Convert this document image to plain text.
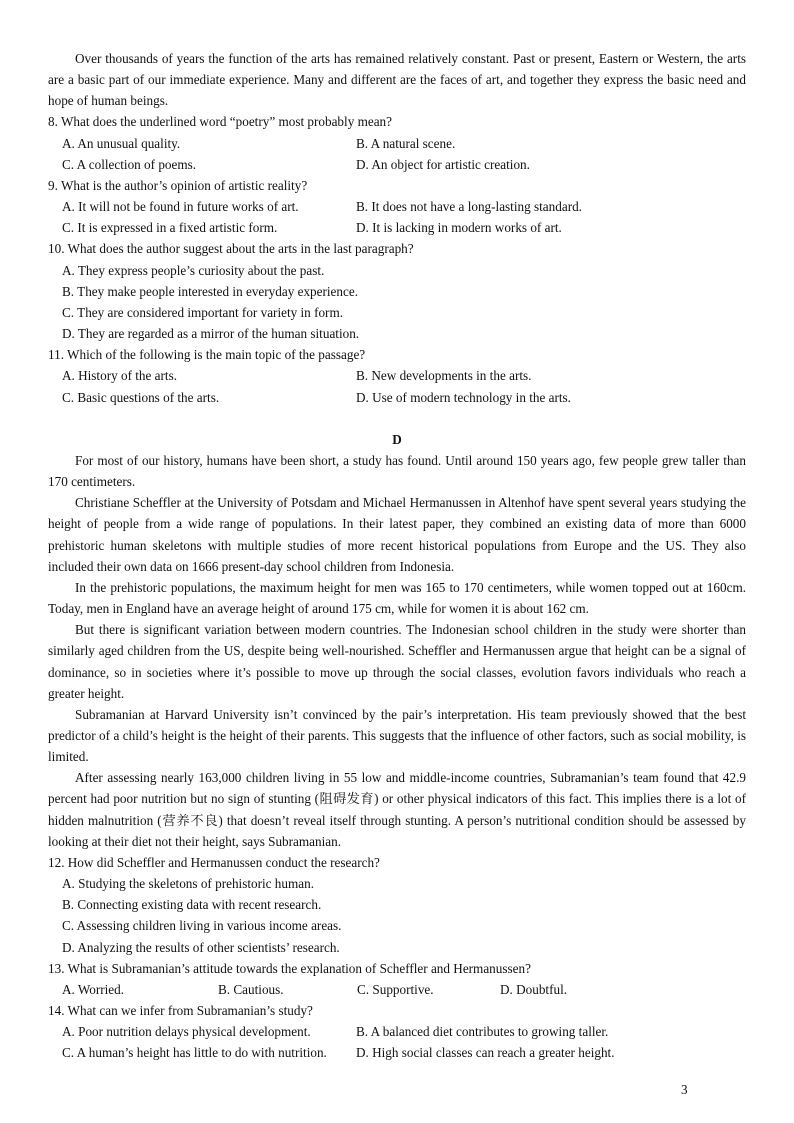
Over thousands of years the function of the arts has remained relatively constant. Past or present, Eastern or Western, the arts are a basic part of our immediate experience. Many and different are the faces of art, and together they express the basic need and hope of human beings.

8. What does the underlined word “poetry” most probably mean?

A. An unusual quality.	B. A natural scene.
C. A collection of poems.	D. An object for artistic creation.

9. What is the author’s opinion of artistic reality?

A. It will not be found in future works of art.	B. It does not have a long-lasting standard.
C. It is expressed in a fixed artistic form.	D. It is lacking in modern works of art.

10. What does the author suggest about the arts in the last paragraph?

A. They express people’s curiosity about the past.

B. They make people interested in everyday experience.

C. They are considered important for variety in form.

D. They are regarded as a mirror of the human situation.

11. Which of the following is the main topic of the passage?

A. History of the arts.	B. New developments in the arts.
C. Basic questions of the arts.	D. Use of modern technology in the arts.

D

For most of our history, humans have been short, a study has found. Until around 150 years ago, few people grew taller than 170 centimeters.

Christiane Scheffler at the University of Potsdam and Michael Hermanussen in Altenhof have spent several years studying the height of people from a wide range of populations. In their latest paper, they combined an existing data of more than 6000 prehistoric human skeletons with multiple studies of more recent historical populations from Europe and the US. They also included their own data on 1666 present-day school children from Indonesia.

In the prehistoric populations, the maximum height for men was 165 to 170 centimeters, while women topped out at 160cm. Today, men in England have an average height of around 175 cm, while for women it is about 162 cm.

But there is significant variation between modern countries. The Indonesian school children in the study were shorter than similarly aged children from the US, despite being well-nourished. Scheffler and Hermanussen argue that height can be a signal of dominance, so in societies where it’s possible to move up through the social classes, evolution favors individuals who reach a greater height.

Subramanian at Harvard University isn’t convinced by the pair’s interpretation. His team previously showed that the best predictor of a child’s height is the height of their parents. This suggests that the influence of other factors, such as social mobility, is limited.

After assessing nearly 163,000 children living in 55 low and middle-income countries, Subramanian’s team found that 42.9 percent had poor nutrition but no sign of stunting (阻碍发育) or other physical indicators of this fact. This implies there is a lot of hidden malnutrition (营养不良) that doesn’t reveal itself through stunting. A person’s nutritional condition should be assessed by looking at their diet not their height, says Subramanian.

12. How did Scheffler and Hermanussen conduct the research?

A. Studying the skeletons of prehistoric human.

B. Connecting existing data with recent research.

C. Assessing children living in various income areas.

D. Analyzing the results of other scientists’ research.

13. What is Subramanian’s attitude towards the explanation of Scheffler and Hermanussen?

A. Worried.	B. Cautious.	C. Supportive.	D. Doubtful.

14. What can we infer from Subramanian’s study?

A. Poor nutrition delays physical development.	B. A balanced diet contributes to growing taller.
C. A human’s height has little to do with nutrition.	D. High social classes can reach a greater height.
3
